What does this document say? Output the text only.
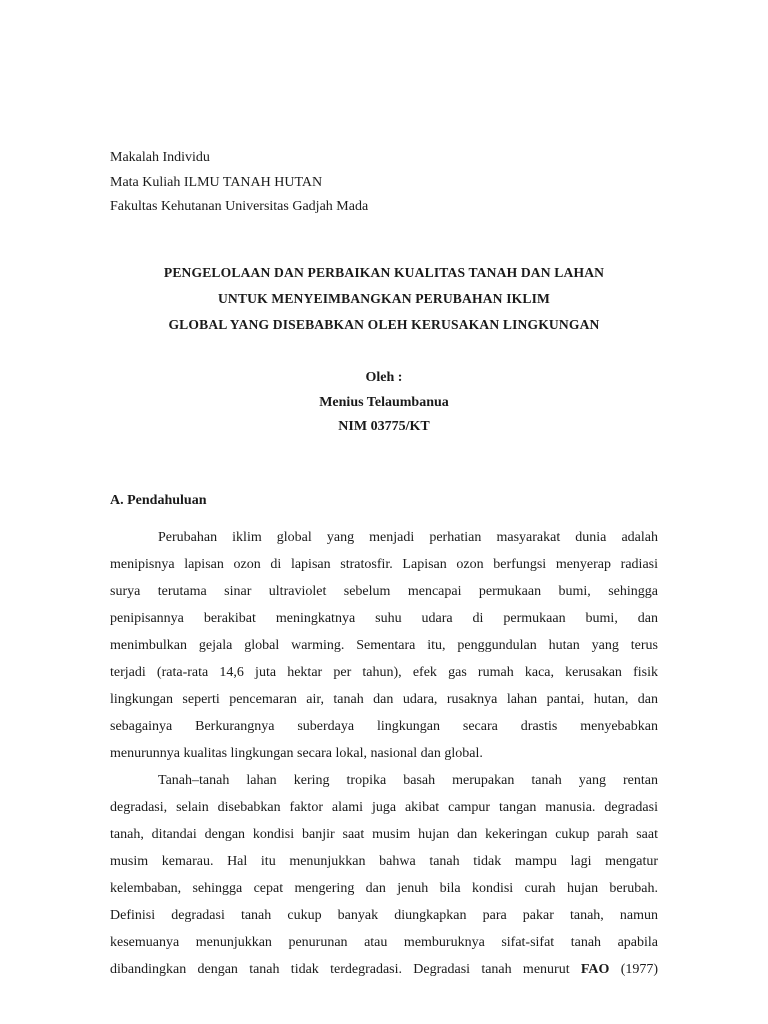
Makalah Individu
Mata Kuliah ILMU TANAH HUTAN
Fakultas Kehutanan Universitas Gadjah Mada
PENGELOLAAN DAN PERBAIKAN KUALITAS TANAH DAN LAHAN
UNTUK MENYEIMBANGKAN PERUBAHAN IKLIM
GLOBAL YANG DISEBABKAN OLEH KERUSAKAN LINGKUNGAN
Oleh :
Menius Telaumbanua
NIM 03775/KT
A. Pendahuluan
Perubahan iklim global yang menjadi perhatian masyarakat dunia adalah
menipisnya lapisan ozon di lapisan stratosfir. Lapisan ozon berfungsi menyerap radiasi
surya terutama sinar ultraviolet sebelum mencapai permukaan bumi, sehingga
penipisannya berakibat meningkatnya suhu udara di permukaan bumi, dan
menimbulkan gejala global warming. Sementara itu, penggundulan hutan yang terus
terjadi (rata-rata 14,6 juta hektar per tahun), efek gas rumah kaca, kerusakan fisik
lingkungan seperti pencemaran air, tanah dan udara, rusaknya lahan pantai, hutan, dan
sebagainya Berkurangnya suberdaya lingkungan secara drastis menyebabkan
menurunnya kualitas lingkungan secara lokal, nasional dan global.
Tanah–tanah lahan kering tropika basah merupakan tanah yang rentan
degradasi, selain disebabkan faktor alami juga akibat campur tangan manusia. degradasi
tanah, ditandai dengan kondisi banjir saat musim hujan dan kekeringan cukup parah saat
musim kemarau. Hal itu menunjukkan bahwa tanah tidak mampu lagi mengatur
kelembaban, sehingga cepat mengering dan jenuh bila kondisi curah hujan berubah.
Definisi degradasi tanah cukup banyak diungkapkan para pakar tanah, namun
kesemuanya menunjukkan penurunan atau memburuknya sifat-sifat tanah apabila
dibandingkan dengan tanah tidak terdegradasi. Degradasi tanah menurut FAO (1977)
